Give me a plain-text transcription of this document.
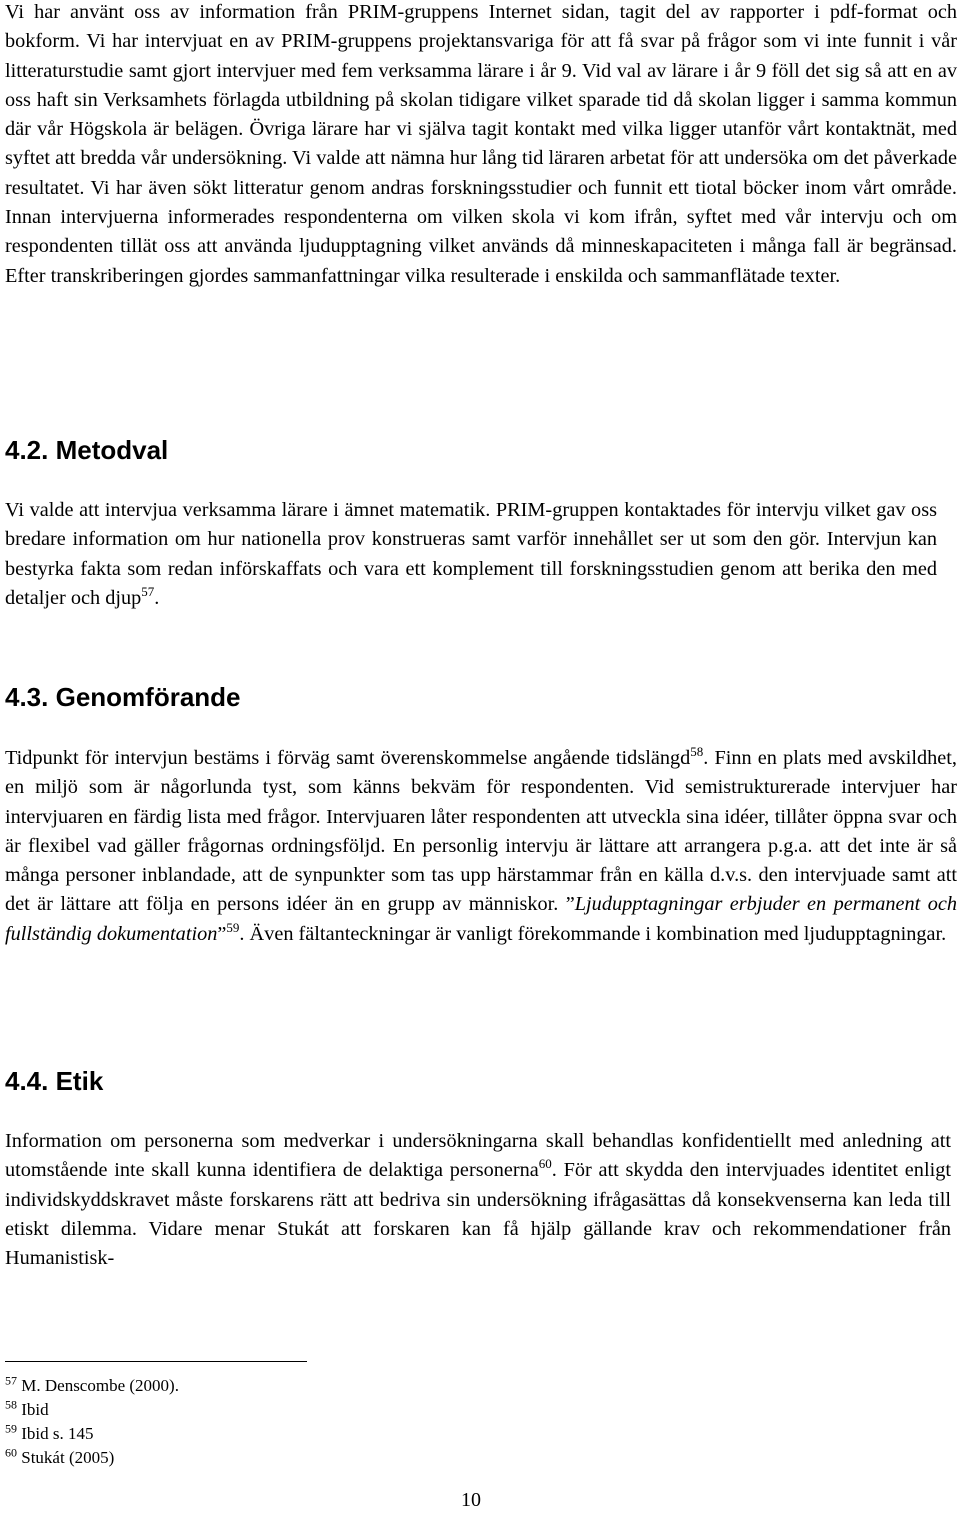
Vi har använt oss av information från PRIM-gruppens Internet sidan, tagit del av rapporter i pdf-format och bokform. Vi har intervjuat en av PRIM-gruppens projektansvariga för att få svar på frågor som vi inte funnit i vår litteraturstudie samt gjort intervjuer med fem verksamma lärare i år 9. Vid val av lärare i år 9 föll det sig så att en av oss haft sin Verksamhets förlagda utbildning på skolan tidigare vilket sparade tid då skolan ligger i samma kommun där vår Högskola är belägen. Övriga lärare har vi själva tagit kontakt med vilka ligger utanför vårt kontaktnät, med syftet att bredda vår undersökning. Vi valde att nämna hur lång tid läraren arbetat för att undersöka om det påverkade resultatet. Vi har även sökt litteratur genom andras forskningsstudier och funnit ett tiotal böcker inom vårt område. Innan intervjuerna informerades respondenterna om vilken skola vi kom ifrån, syftet med vår intervju och om respondenten tillät oss att använda ljudupptagning vilket används då minneskapaciteten i många fall är begränsad. Efter transkriberingen gjordes sammanfattningar vilka resulterade i enskilda och sammanflätade texter.

4.2. Metodval

Vi valde att intervjua verksamma lärare i ämnet matematik. PRIM-gruppen kontaktades för intervju vilket gav oss bredare information om hur nationella prov konstrueras samt varför innehållet ser ut som den gör. Intervjun kan bestyrka fakta som redan införskaffats och vara ett komplement till forskningsstudien genom att berika den med detaljer och djup$^{57}$.

4.3. Genomförande

Tidpunkt för intervjun bestäms i förväg samt överenskommelse angående tidslängd$^{58}$. Finn en plats med avskildhet, en miljö som är någorlunda tyst, som känns bekväm för respondenten. Vid semistrukturerade intervjuer har intervjuaren en färdig lista med frågor. Intervjuaren låter respondenten att utveckla sina idéer, tillåter öppna svar och är flexibel vad gäller frågornas ordningsföljd. En personlig intervju är lättare att arrangera p.g.a. att det inte är så många personer inblandade, att de synpunkter som tas upp härstammar från en källa d.v.s. den intervjuade samt att det är lättare att följa en persons idéer än en grupp av människor. ”Ljudupptagningar erbjuder en permanent och fullständig dokumentation”$^{59}$. Även fältanteckningar är vanligt förekommande i kombination med ljudupptagningar.

4.4. Etik

Information om personerna som medverkar i undersökningarna skall behandlas konfidentiellt med anledning att utomstående inte skall kunna identifiera de delaktiga personerna$^{60}$. För att skydda den intervjuades identitet enligt individskyddskravet måste forskarens rätt att bedriva sin undersökning ifrågasättas då konsekvenserna kan leda till etiskt dilemma. Vidare menar Stukát att forskaren kan få hjälp gällande krav och rekommendationer från Humanistisk-

$^{57}$ M. Denscombe (2000).

$^{58}$ Ibid

$^{59}$ Ibid s. 145

$^{60}$ Stukát (2005)

10
